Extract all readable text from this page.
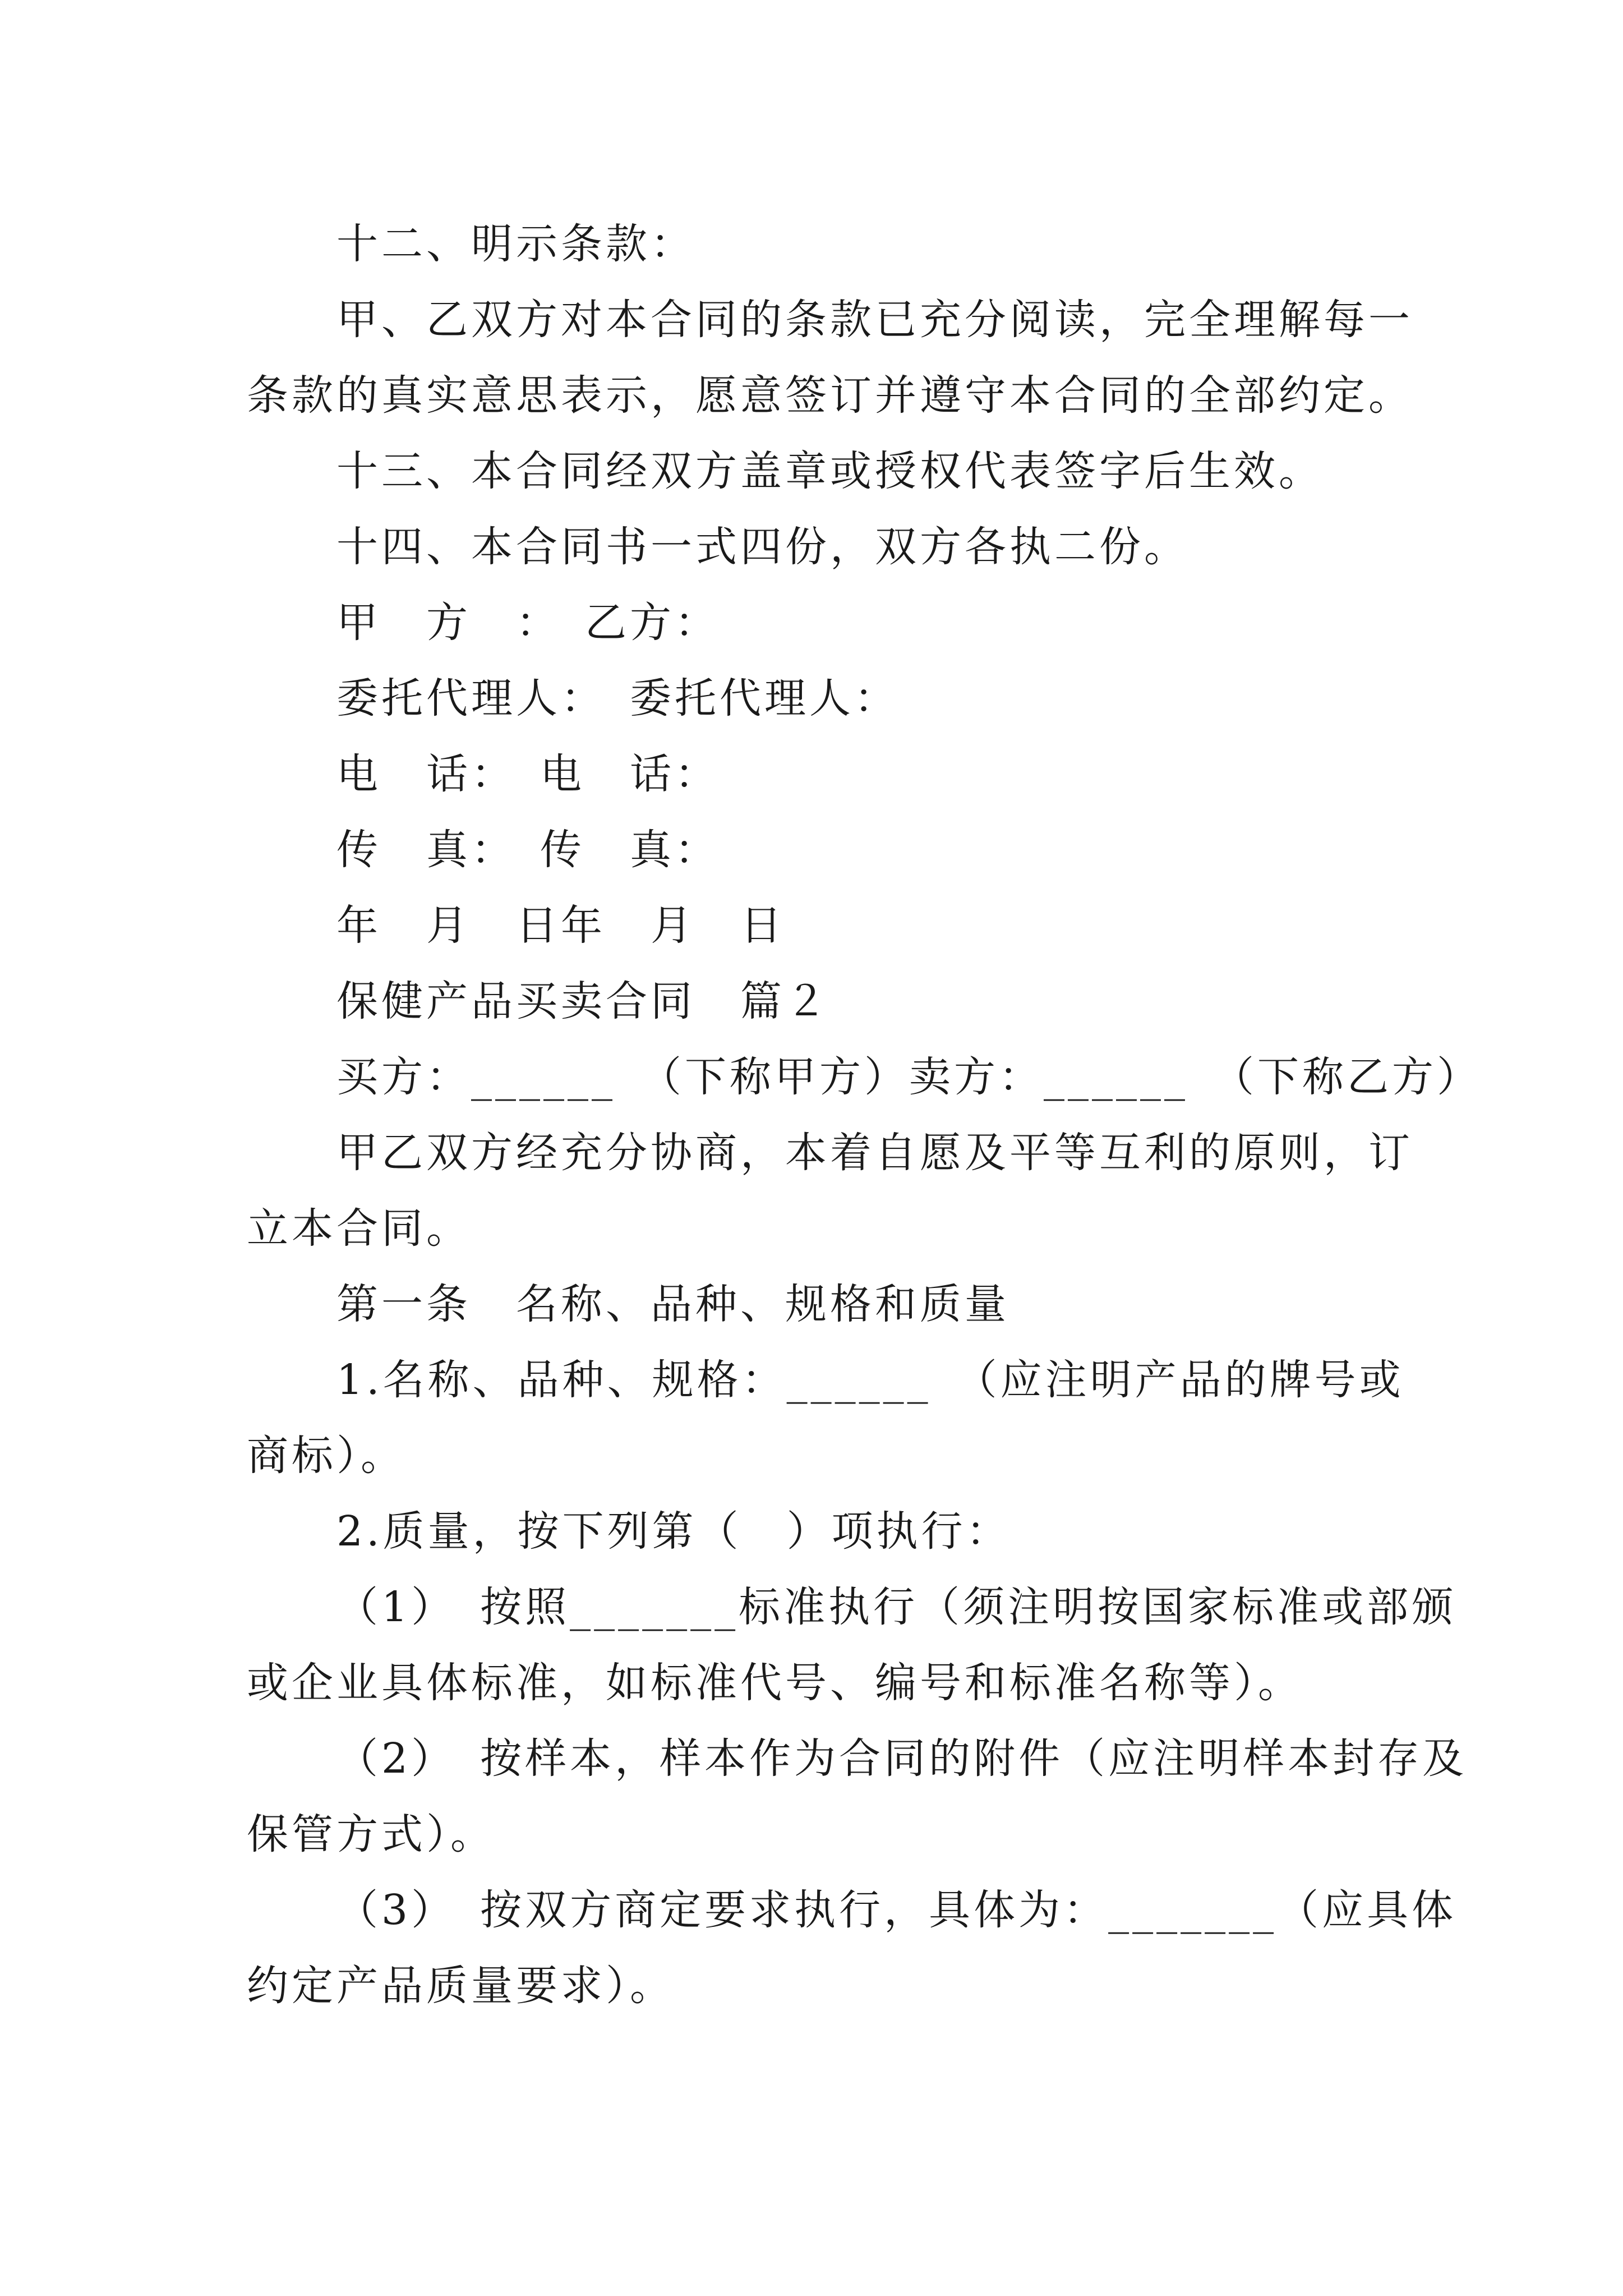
十二、明示条款：
甲、乙双方对本合同的条款已充分阅读，完全理解每一
条款的真实意思表示，愿意签订并遵守本合同的全部约定。
十三、本合同经双方盖章或授权代表签字后生效。
十四、本合同书一式四份，双方各执二份。
甲　方　：　乙方：
委托代理人：　委托代理人：
电　话：　电　话：
传　真：　传　真：
年　月　日年　月　日
保健产品买卖合同　篇２
买方：______　（下称甲方）卖方：______　（下称乙方）
甲乙双方经充分协商，本着自愿及平等互利的原则，订
立本合同。
第一条　名称、品种、规格和质量
1.名称、品种、规格：______　（应注明产品的牌号或
商标）。
2.质量，按下列第（　）项执行：
（1）　按照_______标准执行（须注明按国家标准或部颁
或企业具体标准，如标准代号、编号和标准名称等）。
（2）　按样本，样本作为合同的附件（应注明样本封存及
保管方式）。
（3）　按双方商定要求执行，具体为：_______（应具体
约定产品质量要求）。
